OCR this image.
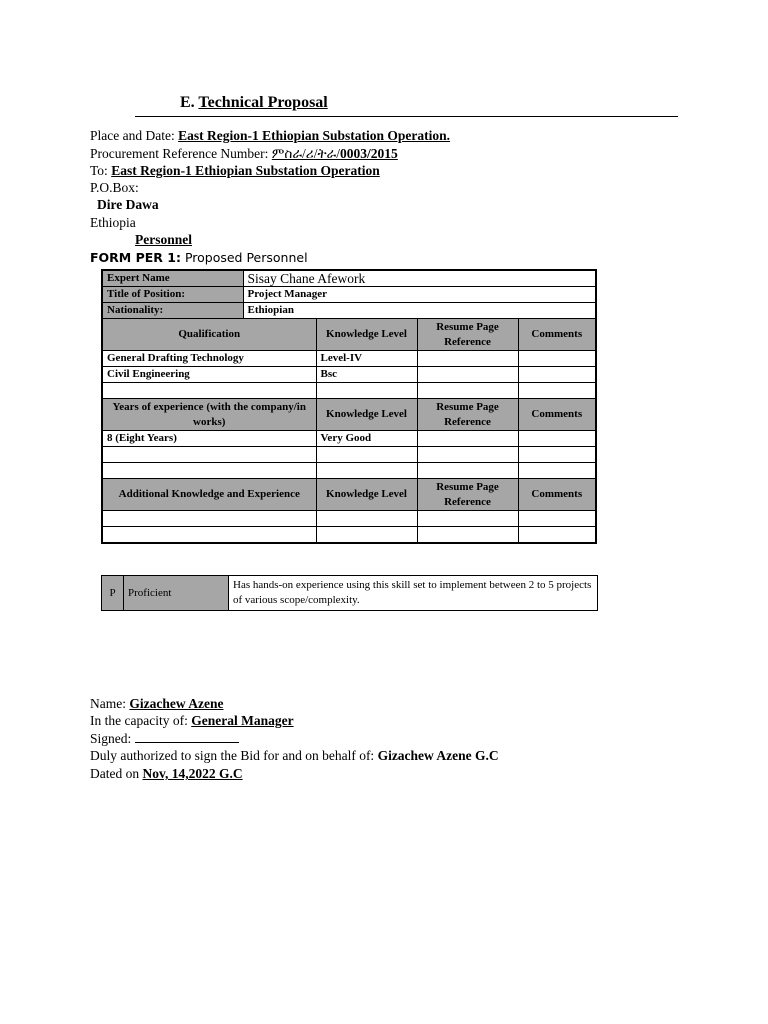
E. Technical Proposal
Place and Date: East Region-1 Ethiopian Substation Operation.
Procurement Reference Number: ምስራ/ሪ/ትራ/0003/2015
To: East Region-1 Ethiopian Substation Operation
P.O.Box:
Dire Dawa
Ethiopia
Personnel
FORM PER 1: Proposed Personnel
Expert Name	Sisay Chane Afework			
Title of Position:	Project Manager			
Nationality:	Ethiopian			
Qualification		Knowledge Level	Resume Page Reference	Comments
General Drafting Technology		Level-IV		
Civil Engineering		Bsc		

Years of experience (with the company/in works)		Knowledge Level	Resume Page Reference	Comments
8 (Eight Years)		Very Good		

Additional Knowledge and Experience		Knowledge Level	Resume Page Reference	Comments

P	Proficient	Has hands-on experience using this skill set to implement between 2 to 5 projects of various scope/complexity.
Name: Gizachew Azene
In the capacity of: General Manager
Signed:
Duly authorized to sign the Bid for and on behalf of: Gizachew Azene G.C
Dated on Nov, 14,2022 G.C
